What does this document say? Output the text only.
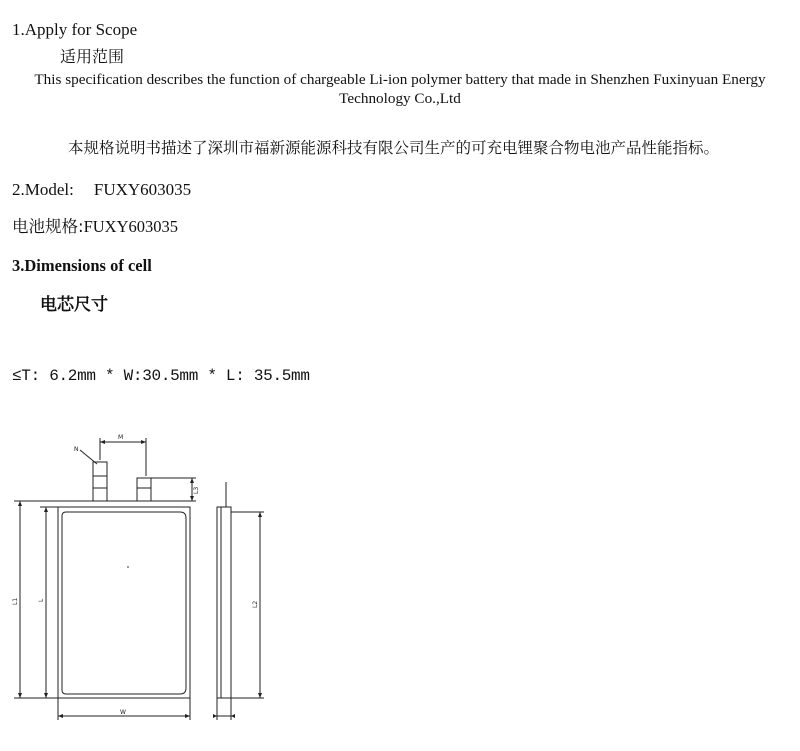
1.Apply for Scope
适用范围
This specification describes the function of chargeable Li-ion polymer battery that made in Shenzhen Fuxinyuan Energy Technology Co.,Ltd
本规格说明书描述了深圳市福新源能源科技有限公司生产的可充电锂聚合物电池产品性能指标。
2.Model: FUXY603035
电池规格:FUXY603035
3.Dimensions of cell
电芯尺寸
≤T: 6.2mm * W:30.5mm * L: 35.5mm
M
N
L3
L1	L
W
L2
